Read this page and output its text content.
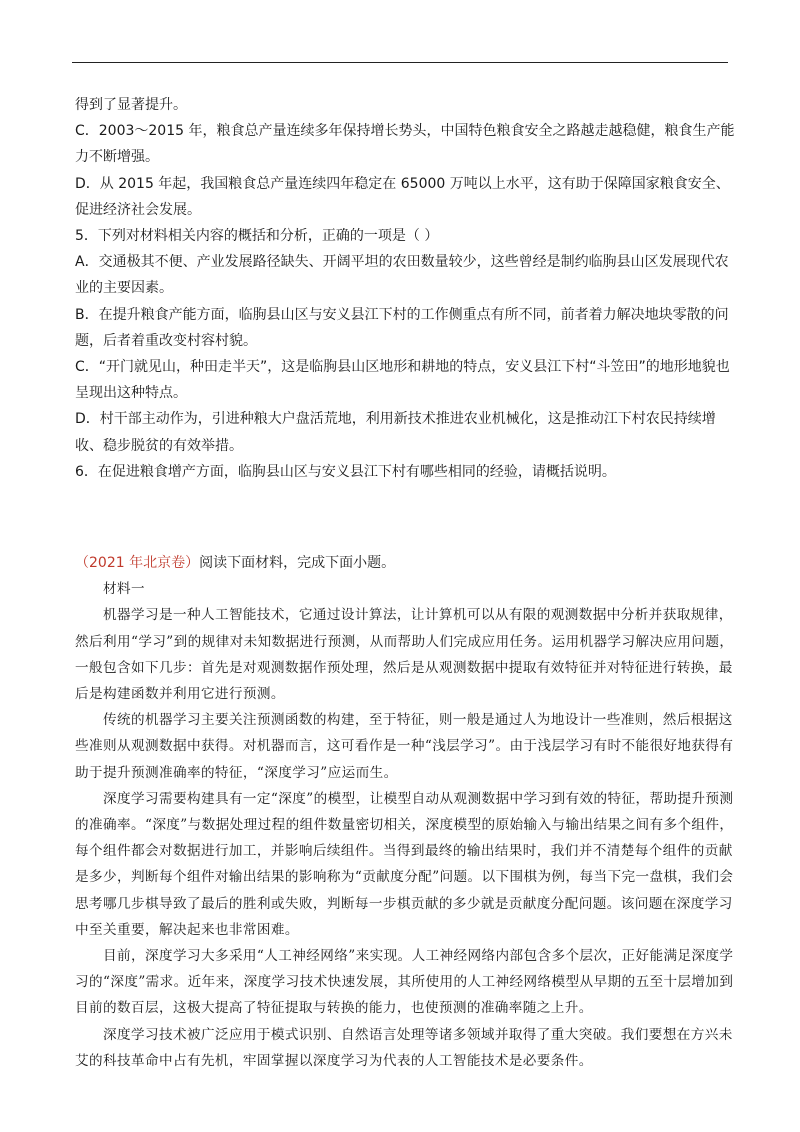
得到了显著提升。

C．2003～2015 年，粮食总产量连续多年保持增长势头，中国特色粮食安全之路越走越稳健，粮食生产能力不断增强。

D．从 2015 年起，我国粮食总产量连续四年稳定在 65000 万吨以上水平，这有助于保障国家粮食安全、促进经济社会发展。

5．下列对材料相关内容的概括和分析，正确的一项是（ ）

A．交通极其不便、产业发展路径缺失、开阔平坦的农田数量较少，这些曾经是制约临朐县山区发展现代农业的主要因素。

B．在提升粮食产能方面，临朐县山区与安义县江下村的工作侧重点有所不同，前者着力解决地块零散的问题，后者着重改变村容村貌。

C．“开门就见山，种田走半天”，这是临朐县山区地形和耕地的特点，安义县江下村“斗笠田”的地形地貌也呈现出这种特点。

D．村干部主动作为，引进种粮大户盘活荒地，利用新技术推进农业机械化，这是推动江下村农民持续增收、稳步脱贫的有效举措。

6．在促进粮食增产方面，临朐县山区与安义县江下村有哪些相同的经验，请概括说明。

（2021 年北京卷）阅读下面材料，完成下面小题。

材料一

机器学习是一种人工智能技术，它通过设计算法，让计算机可以从有限的观测数据中分析并获取规律，然后利用“学习”到的规律对未知数据进行预测，从而帮助人们完成应用任务。运用机器学习解决应用问题，一般包含如下几步：首先是对观测数据作预处理，然后是从观测数据中提取有效特征并对特征进行转换，最后是构建函数并利用它进行预测。

传统的机器学习主要关注预测函数的构建，至于特征，则一般是通过人为地设计一些准则，然后根据这些准则从观测数据中获得。对机器而言，这可看作是一种“浅层学习”。由于浅层学习有时不能很好地获得有助于提升预测准确率的特征，“深度学习”应运而生。

深度学习需要构建具有一定“深度”的模型，让模型自动从观测数据中学习到有效的特征，帮助提升预测的准确率。“深度”与数据处理过程的组件数量密切相关，深度模型的原始输入与输出结果之间有多个组件，每个组件都会对数据进行加工，并影响后续组件。当得到最终的输出结果时，我们并不清楚每个组件的贡献是多少，判断每个组件对输出结果的影响称为“贡献度分配”问题。以下围棋为例，每当下完一盘棋，我们会思考哪几步棋导致了最后的胜利或失败，判断每一步棋贡献的多少就是贡献度分配问题。该问题在深度学习中至关重要，解决起来也非常困难。

目前，深度学习大多采用“人工神经网络”来实现。人工神经网络内部包含多个层次，正好能满足深度学习的“深度”需求。近年来，深度学习技术快速发展，其所使用的人工神经网络模型从早期的五至十层增加到目前的数百层，这极大提高了特征提取与转换的能力，也使预测的准确率随之上升。

深度学习技术被广泛应用于模式识别、自然语言处理等诸多领域并取得了重大突破。我们要想在方兴未艾的科技革命中占有先机，牢固掌握以深度学习为代表的人工智能技术是必要条件。
